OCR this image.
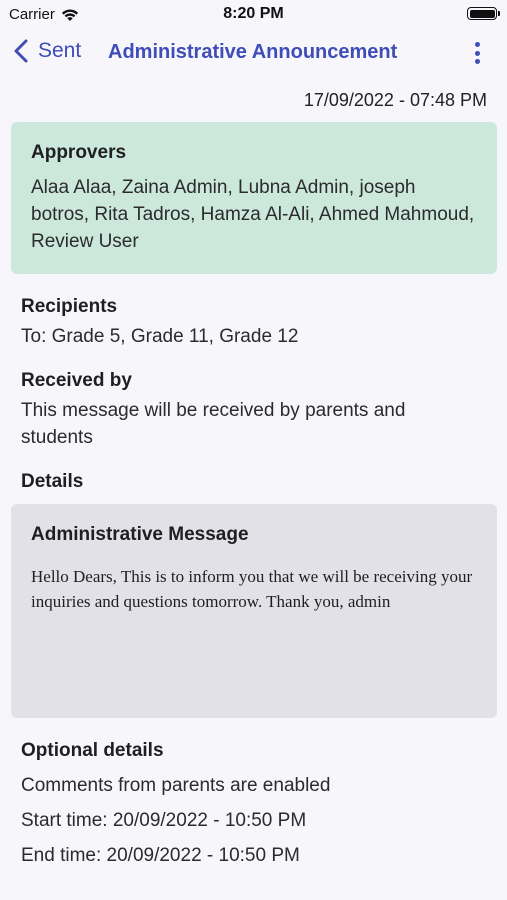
Carrier	8:20 PM
Sent Administrative Announcement
17/09/2022 - 07:48 PM
Approvers
Alaa Alaa, Zaina Admin, Lubna Admin, joseph botros, Rita Tadros, Hamza Al-Ali, Ahmed Mahmoud, Review User
Recipients
To: Grade 5, Grade 11, Grade 12
Received by
This message will be received by parents and students
Details
Administrative Message
Hello Dears, This is to inform you that we will be receiving your inquiries and questions tomorrow. Thank you, admin
Optional details
Comments from parents are enabled
Start time: 20/09/2022 - 10:50 PM
End time: 20/09/2022 - 10:50 PM
